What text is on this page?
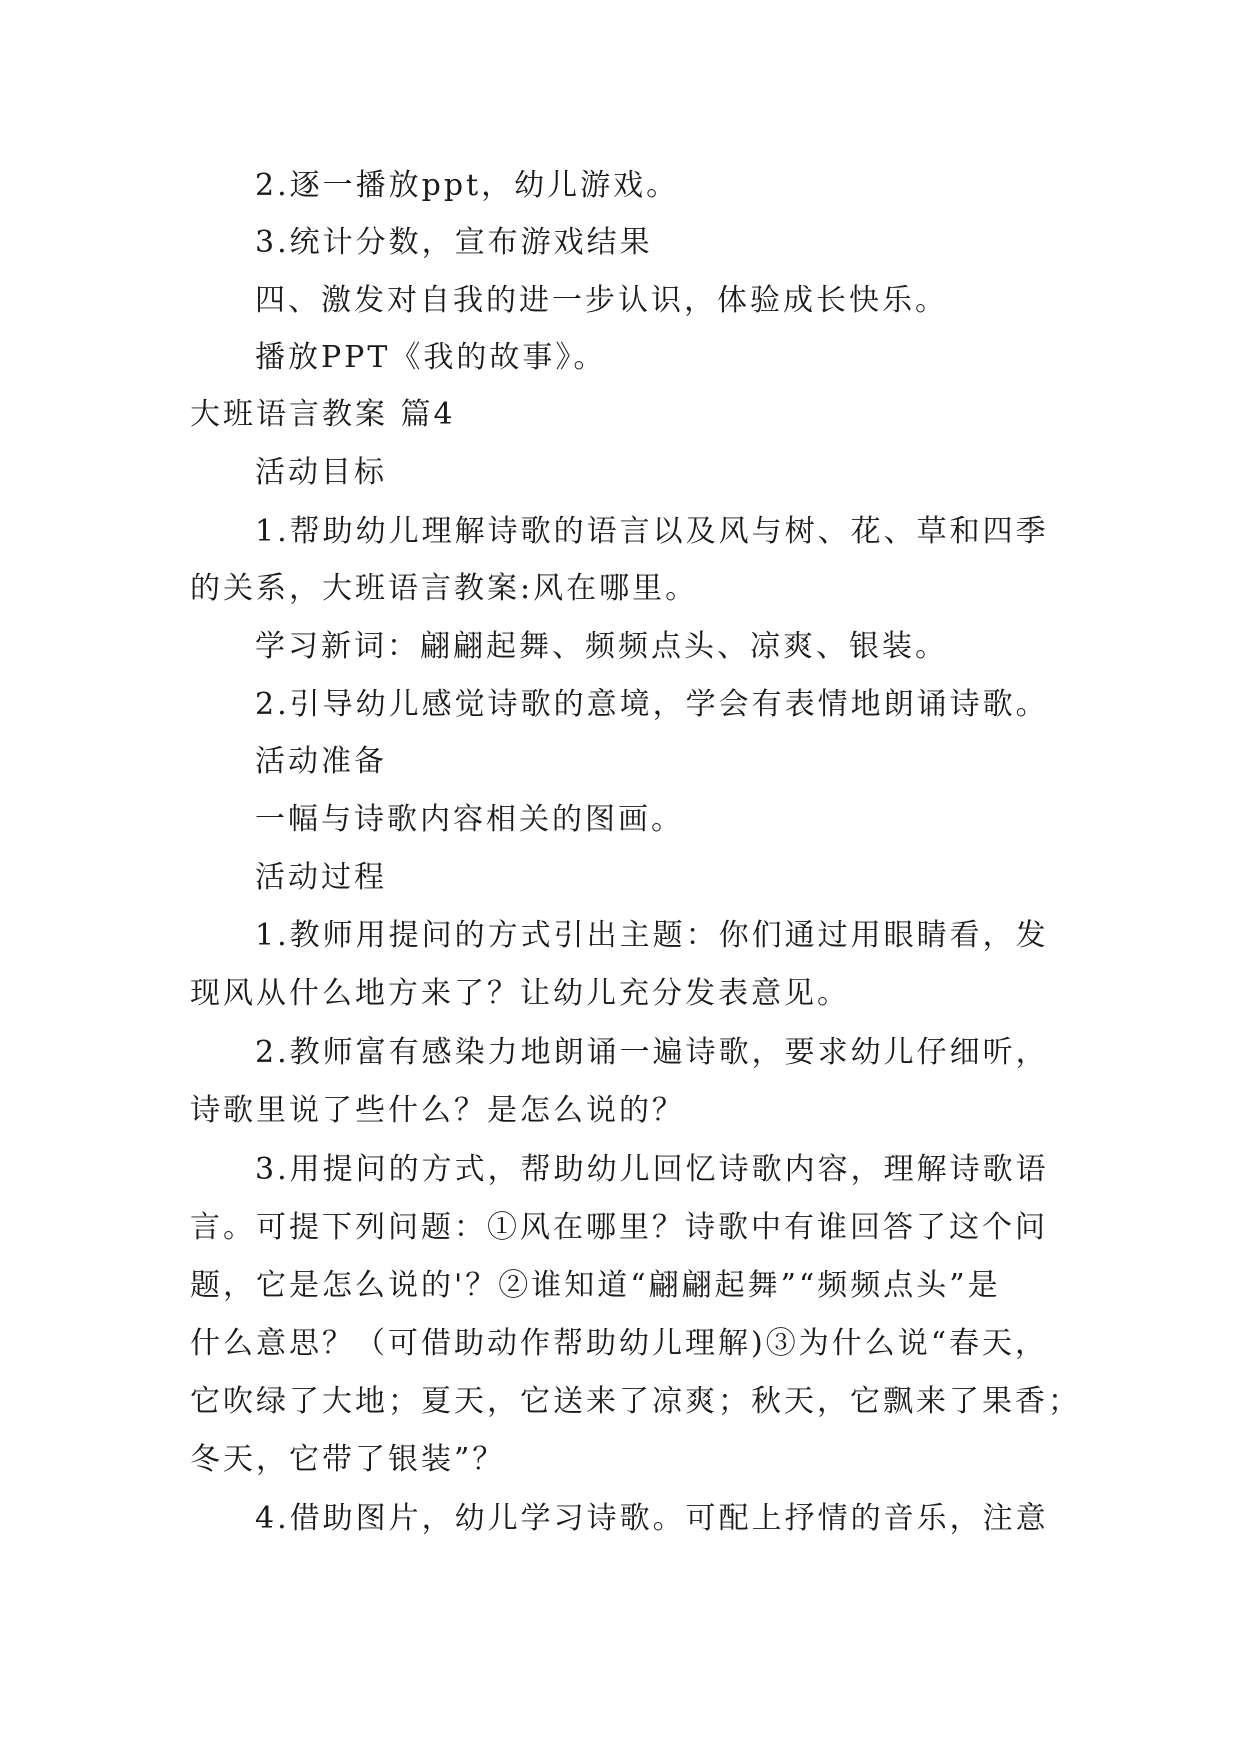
2.逐一播放ppt，幼儿游戏。
3.统计分数，宣布游戏结果
四、激发对自我的进一步认识，体验成长快乐。
播放PPT《我的故事》。
大班语言教案 篇4
活动目标
1.帮助幼儿理解诗歌的语言以及风与树、花、草和四季
的关系，大班语言教案:风在哪里。
学习新词：翩翩起舞、频频点头、凉爽、银装。
2.引导幼儿感觉诗歌的意境，学会有表情地朗诵诗歌。
活动准备
一幅与诗歌内容相关的图画。
活动过程
1.教师用提问的方式引出主题：你们通过用眼睛看，发
现风从什么地方来了？让幼儿充分发表意见。
2.教师富有感染力地朗诵一遍诗歌，要求幼儿仔细听，
诗歌里说了些什么？是怎么说的？
3.用提问的方式，帮助幼儿回忆诗歌内容，理解诗歌语
言。可提下列问题：①风在哪里？诗歌中有谁回答了这个问
题，它是怎么说的'？②谁知道“翩翩起舞”“频频点头”是
什么意思？（可借助动作帮助幼儿理解)③为什么说“春天，
它吹绿了大地；夏天，它送来了凉爽；秋天，它飘来了果香；
冬天，它带了银装”？
4.借助图片，幼儿学习诗歌。可配上抒情的音乐，注意
